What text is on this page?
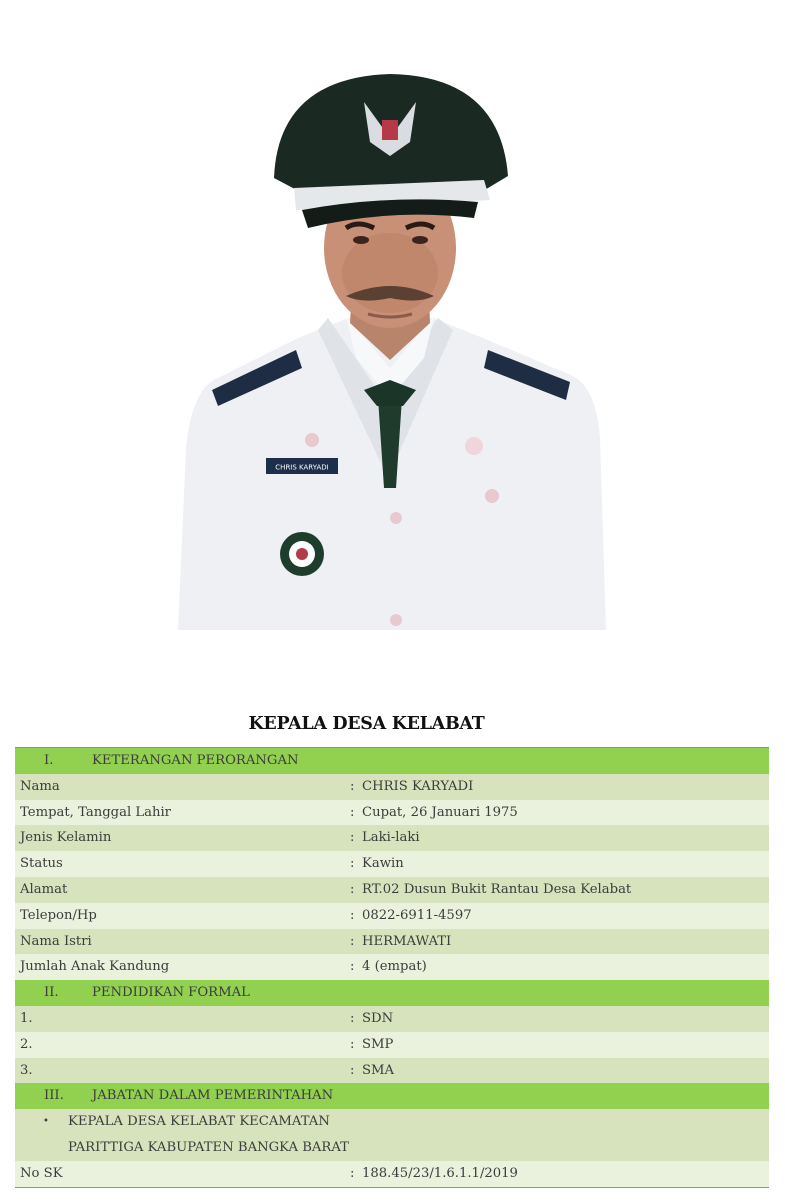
CHRIS KARYADI
KEPALA DESA KELABAT
I.	KETERANGAN PERORANGAN
Nama	: CHRIS KARYADI
Tempat, Tanggal Lahir	: Cupat, 26 Januari 1975
Jenis Kelamin	: Laki-laki
Status	: Kawin
Alamat	: RT.02 Dusun Bukit Rantau Desa Kelabat
Telepon/Hp	: 0822-6911-4597
Nama Istri	: HERMAWATI
Jumlah Anak Kandung	: 4 (empat)
II.	PENDIDIKAN FORMAL
1.	: SDN
2.	: SMP
3.	: SMA
III. JABATAN DALAM PEMERINTAHAN
• KEPALA DESA KELABAT KECAMATAN
PARITTIGA KABUPATEN BANGKA BARAT
No SK	: 188.45/23/1.6.1.1/2019
